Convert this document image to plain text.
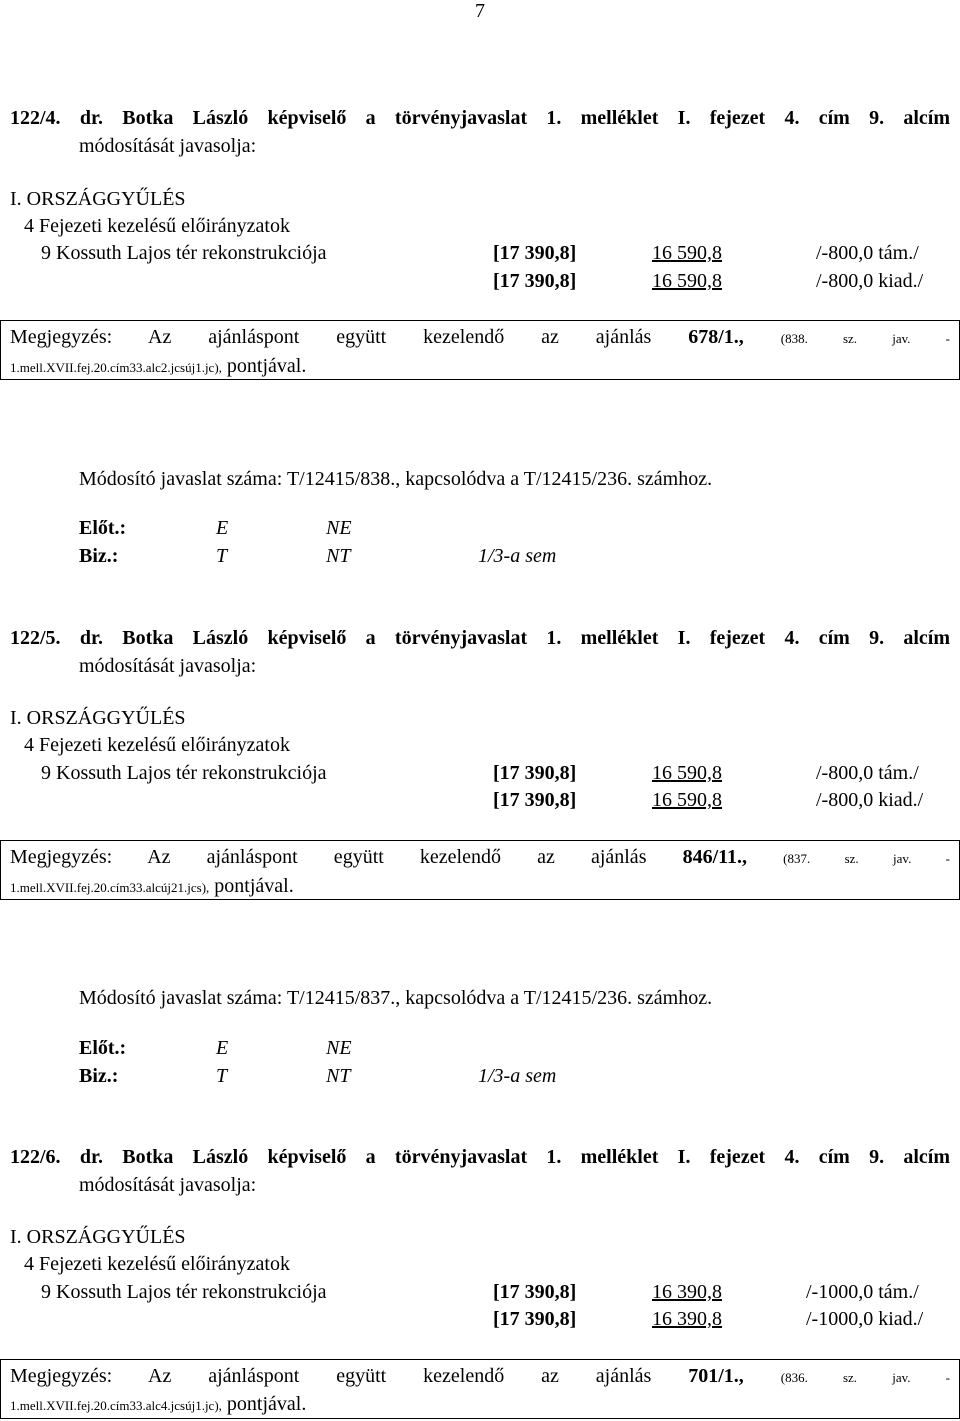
7
122/4. dr. Botka László képviselő a törvényjavaslat 1. melléklet I. fejezet 4. cím 9. alcím
módosítását javasolja:
I. ORSZÁGGYŰLÉS
4 Fejezeti kezelésű előirányzatok
9 Kossuth Lajos tér rekonstrukciója	[17 390,8]	16 590,8	/-800,0 tám./
[17 390,8]	16 590,8	/-800,0 kiad./
Megjegyzés: Az ajánláspont együtt kezelendő az ajánlás 678/1.,	(838. sz. jav. -
1.mell.XVII.fej.20.cím33.alc2.jcsúj1.jc), pontjával.
Módosító javaslat száma: T/12415/838., kapcsolódva a T/12415/236. számhoz.
Előt.:	E	NE
Biz.:	T	NT	1/3-a sem
122/5. dr. Botka László képviselő a törvényjavaslat 1. melléklet I. fejezet 4. cím 9. alcím
módosítását javasolja:
I. ORSZÁGGYŰLÉS
4 Fejezeti kezelésű előirányzatok
9 Kossuth Lajos tér rekonstrukciója	[17 390,8]	16 590,8	/-800,0 tám./
[17 390,8]	16 590,8	/-800,0 kiad./
Megjegyzés: Az ajánláspont együtt kezelendő az ajánlás 846/11.,	(837. sz. jav. -
1.mell.XVII.fej.20.cím33.alcúj21.jcs), pontjával.
Módosító javaslat száma: T/12415/837., kapcsolódva a T/12415/236. számhoz.
Előt.:	E	NE
Biz.:	T	NT	1/3-a sem
122/6. dr. Botka László képviselő a törvényjavaslat 1. melléklet I. fejezet 4. cím 9. alcím
módosítását javasolja:
I. ORSZÁGGYŰLÉS
4 Fejezeti kezelésű előirányzatok
9 Kossuth Lajos tér rekonstrukciója	[17 390,8]	16 390,8	/-1000,0 tám./
[17 390,8]	16 390,8	/-1000,0 kiad./
Megjegyzés: Az ajánláspont együtt kezelendő az ajánlás 701/1.,	(836. sz. jav. -
1.mell.XVII.fej.20.cím33.alc4.jcsúj1.jc), pontjával.
